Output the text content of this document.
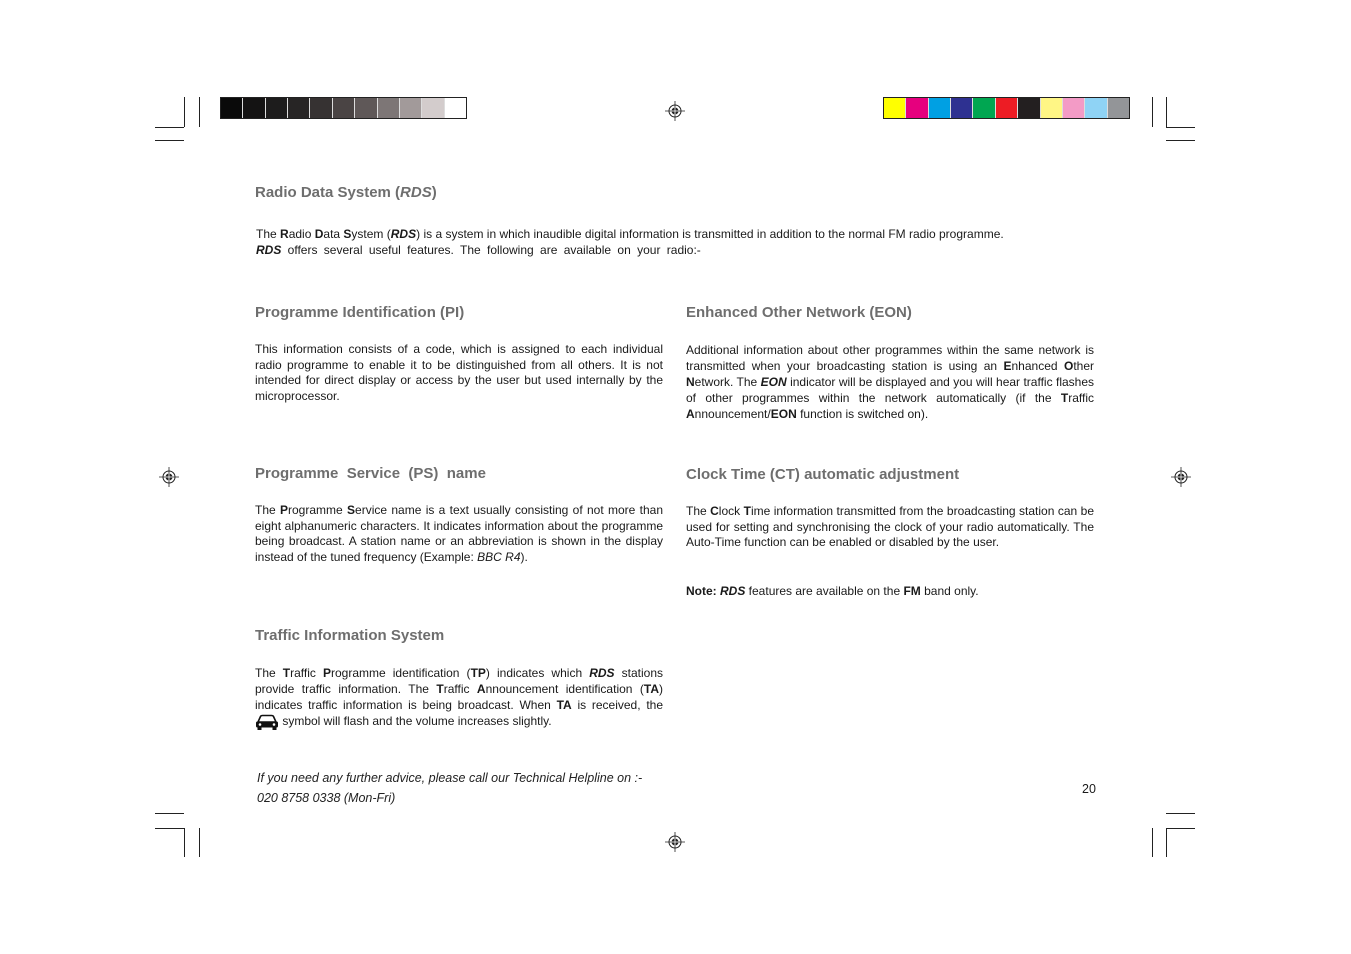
Radio Data System (RDS)

The Radio Data System (RDS) is a system in which inaudible digital information is transmitted in addition to the normal FM radio programme.
RDS offers several useful features. The following are available on your radio:-

Programme Identification (PI)

This information consists of a code, which is assigned to each individual radio programme to enable it to be distinguished from all others. It is not intended for direct display or access by the user but used internally by the microprocessor.

Enhanced Other Network (EON)

Additional information about other programmes within the same network is transmitted when your broadcasting station is using an Enhanced Other Network. The EON indicator will be displayed and you will hear traffic flashes of other programmes within the network automatically (if the Traffic Announcement/EON function is switched on).

Programme  Service  (PS)  name

The Programme Service name is a text usually consisting of not more than eight alphanumeric characters. It indicates information about the programme being broadcast. A station name or an abbreviation is shown in the display instead of the tuned frequency (Example: BBC R4).

Clock Time (CT) automatic adjustment

The Clock Time information transmitted from the broadcasting station can be used for setting and synchronising the clock of your radio automatically. The Auto-Time function can be enabled or disabled by the user.

Note: RDS features are available on the FM band only.

Traffic Information System

The Traffic Programme identification (TP) indicates which RDS stations provide traffic information. The Traffic Announcement identification (TA) indicates traffic information is being broadcast. When TA is received, the  symbol will flash and the volume increases slightly.

If you need any further advice, please call our Technical Helpline on :-
020 8758 0338 (Mon-Fri)
20
